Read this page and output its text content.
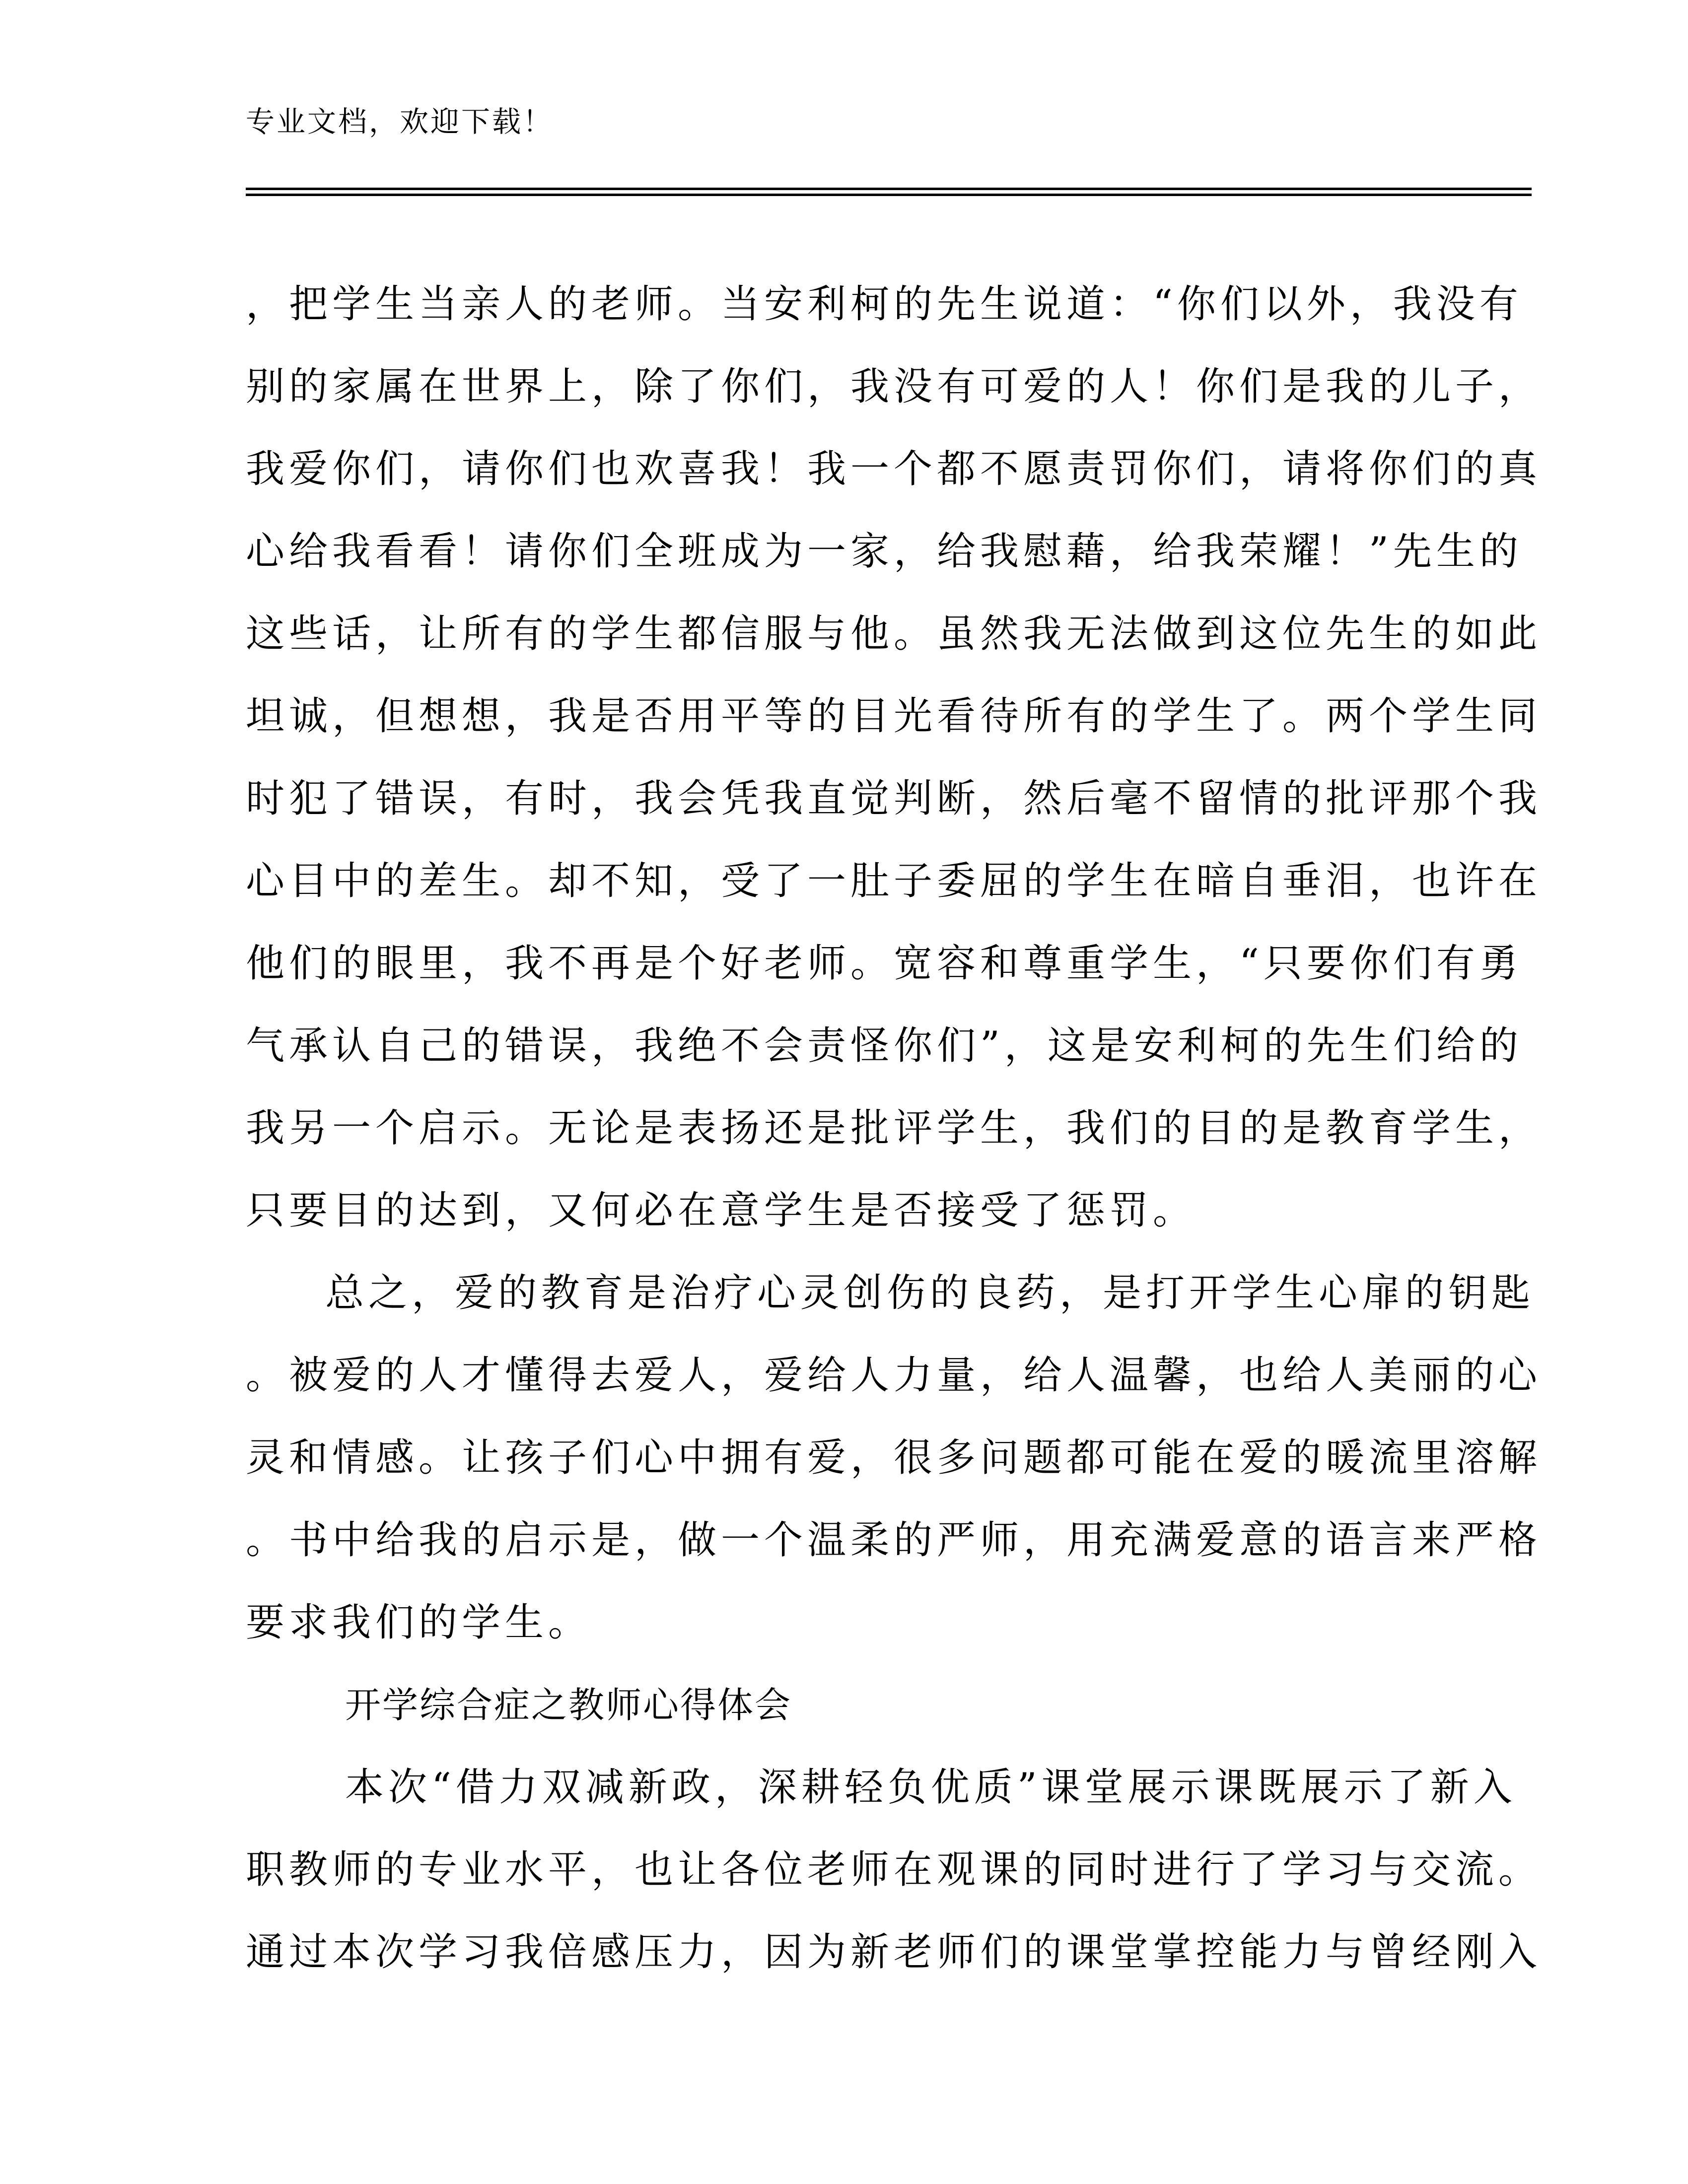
专业文档，欢迎下载！
，把学生当亲人的老师。当安利柯的先生说道：“你们以外，我没有
别的家属在世界上，除了你们，我没有可爱的人！你们是我的儿子，
我爱你们，请你们也欢喜我！我一个都不愿责罚你们，请将你们的真
心给我看看！请你们全班成为一家，给我慰藉，给我荣耀！”先生的
这些话，让所有的学生都信服与他。虽然我无法做到这位先生的如此
坦诚，但想想，我是否用平等的目光看待所有的学生了。两个学生同
时犯了错误，有时，我会凭我直觉判断，然后毫不留情的批评那个我
心目中的差生。却不知，受了一肚子委屈的学生在暗自垂泪，也许在
他们的眼里，我不再是个好老师。宽容和尊重学生，“只要你们有勇
气承认自己的错误，我绝不会责怪你们”，这是安利柯的先生们给的
我另一个启示。无论是表扬还是批评学生，我们的目的是教育学生，
只要目的达到，又何必在意学生是否接受了惩罚。
总之，爱的教育是治疗心灵创伤的良药，是打开学生心扉的钥匙
。被爱的人才懂得去爱人，爱给人力量，给人温馨，也给人美丽的心
灵和情感。让孩子们心中拥有爱，很多问题都可能在爱的暖流里溶解
。书中给我的启示是，做一个温柔的严师，用充满爱意的语言来严格
要求我们的学生。
开学综合症之教师心得体会
本次“借力双减新政，深耕轻负优质”课堂展示课既展示了新入
职教师的专业水平，也让各位老师在观课的同时进行了学习与交流。
通过本次学习我倍感压力，因为新老师们的课堂掌控能力与曾经刚入
